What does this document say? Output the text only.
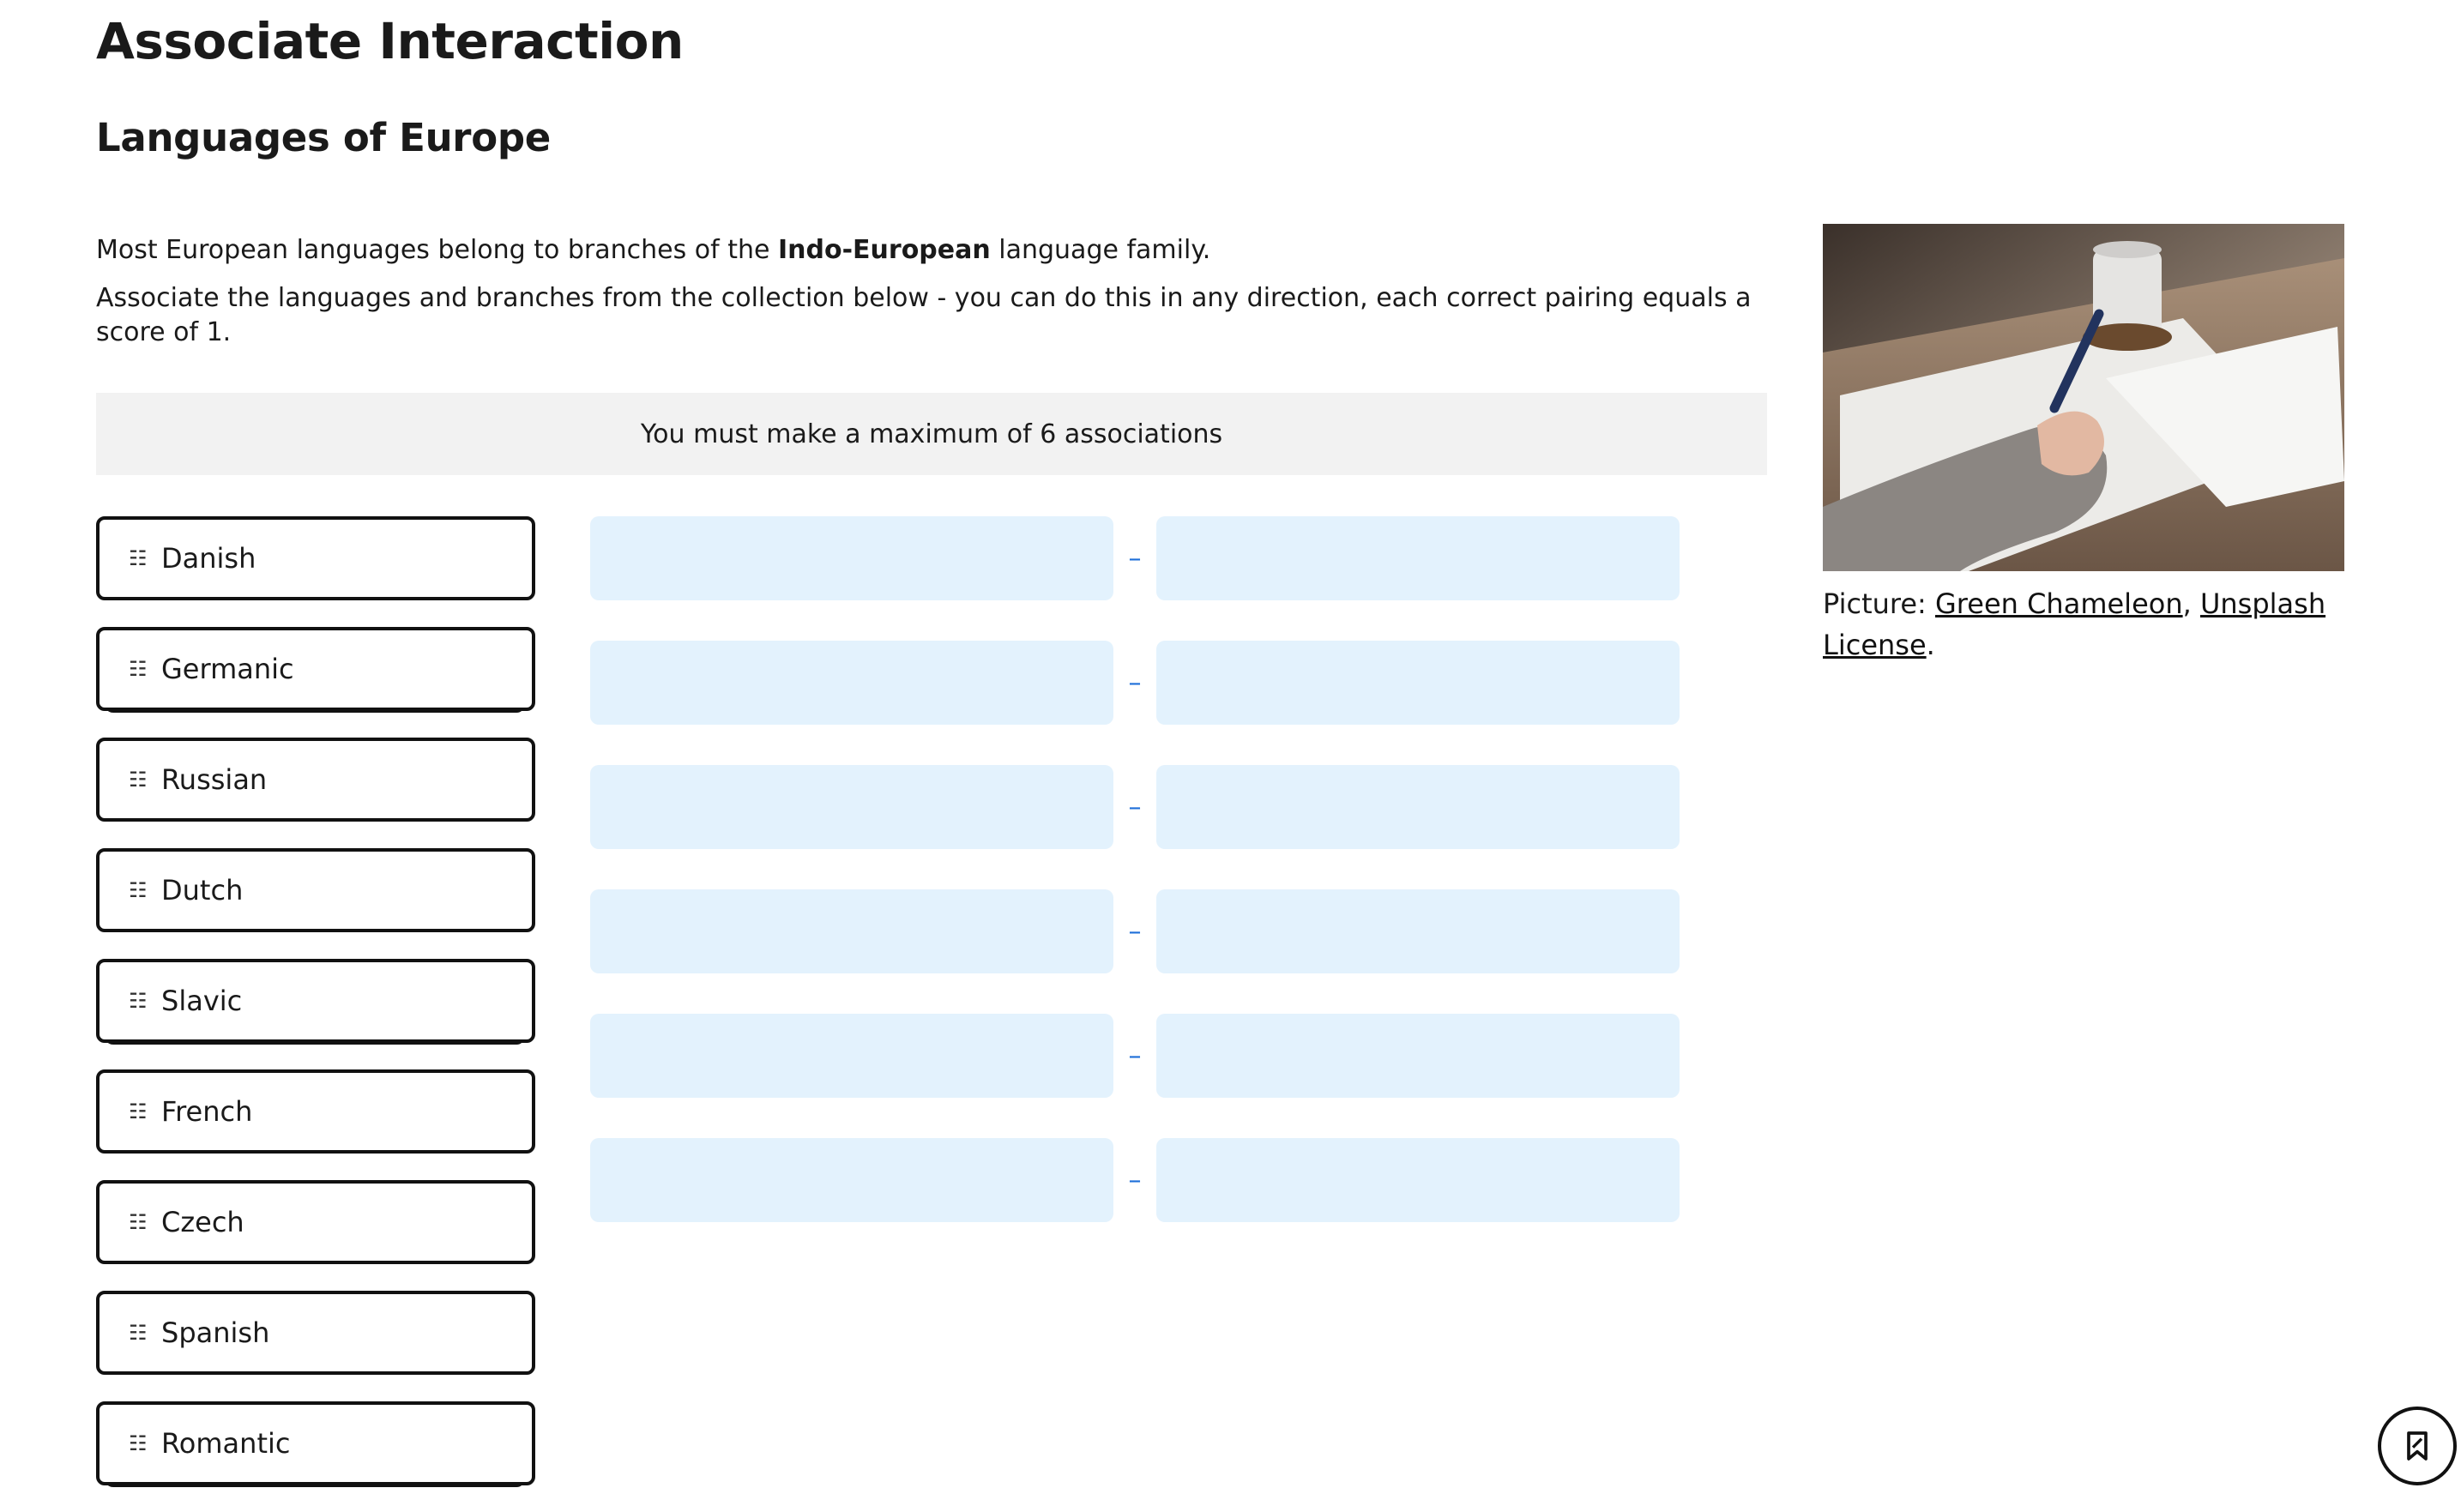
Associate Interaction
Languages of Europe

Most European languages belong to branches of the Indo-European language family.

Associate the languages and branches from the collection below - you can do this in any direction, each correct pairing equals a score of 1.

You must make a maximum of 6 associations
☷ Danish
☷ Germanic
☷ Russian
☷ Dutch
☷ Slavic
☷ French
☷ Czech
☷ Spanish
☷ Romantic
–
–
–
–
–
–
Picture: Green Chameleon, Unsplash License.
